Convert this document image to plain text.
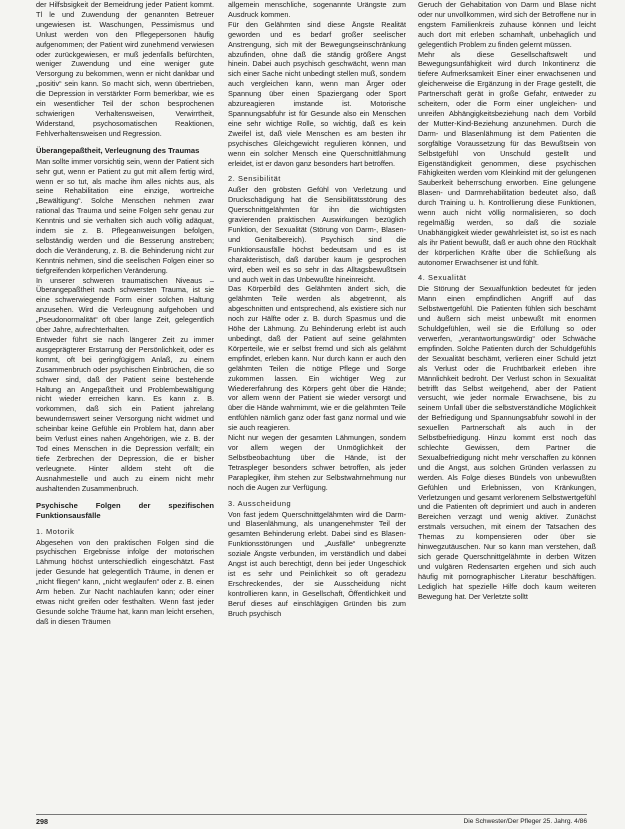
der Hilfsbsigkeit der Bemeidrung jeder Patient kommt. Tl le und Zuwendung der genannten Betreuer ungewiesen ist. Waschungen, Pessimismus und Unlust werden von den Pflegepersonen häufig aufgenommen; der Patient wird zunehmend verwiesen oder zurückgewiesen, er muß jedenfalls befürchten, weniger Zuwendung und eine weniger gute Versorgung zu bekommen, wenn er nicht dankbar und „positiv“ sein kann. So macht sich, wenn übertrieben, die Depression in verstärkter Form bemerkbar, wie es ein wesentlicher Teil der schon besprochenen schwierigen Verhaltensweisen, Verwirrtheit, Widerstand, psychosomatischen Reaktionen, Fehlverhaltensweisen und Regression.

Überangepaßtheit, Verleugnung des Traumas

Man sollte immer vorsichtig sein, wenn der Patient sich sehr gut, wenn er Patient zu gut mit allem fertig wird, wenn er so tut, als mache ihm alles nichts aus, als seine Rehabilitation eine einzige, wortreiche „Bewältigung“. Solche Menschen nehmen zwar rational das Trauma und seine Folgen sehr genau zur Kenntnis und sie verhalten sich auch völlig adäquat, indem sie z. B. Pflegeanweisungen befolgen, selbständig werden und die Besserung anstreben; doch die Veränderung, z. B. die Behinderung nicht zur Kenntnis nehmen, sind die seelischen Folgen einer so tiefgreifenden körperlichen Veränderung.

In unserer schweren traumatischen Niveaus – Überangepaßtheit nach schwersten Trauma, ist sie eine schwerwiegende Form einer solchen Haltung anzusehen. Wird die Verleugnung aufgehoben und „Pseudonormalität“ oft über lange Zeit, gelegentlich über Jahre, aufrechterhalten.

Entweder führt sie nach längerer Zeit zu immer ausgeprägterer Erstarrung der Persönlichkeit, oder es kommt, oft bei geringfügigem Anlaß, zu einem Zusammenbruch oder psychischen Einbrüchen, die so schwer sind, daß der Patient seine bestehende Haltung an Angepaßtheit und Problembewältigung nicht wieder erreichen kann. Es kann z. B. vorkommen, daß sich ein Patient jahrelang bewundernswert seiner Versorgung nicht widmet und scheinbar keine Gefühle ein Problem hat, dann aber beim Verlust eines nahen Angehörigen, wie z. B. der Tod eines Menschen in die Depression verfällt; ein tiefe Zerbrechen der Depression, die er bisher verleugnete. Hinter alldem steht oft die Ausnahmestelle und auch zu einem nicht mehr aushaltenden Zusammenbruch.

Psychische Folgen der spezifischen Funktionsausfälle
1. Motorik

Abgesehen von den praktischen Folgen sind die psychischen Ergebnisse infolge der motorischen Lähmung höchst unterschiedlich eingeschätzt. Fast jeder Gesunde hat gelegentlich Träume, in denen er „nicht fliegen“ kann, „nicht weglaufen“ oder z. B. einen Arm heben. Zur Nacht nachlaufen kann; oder einer etwas nicht greifen oder festhalten. Wenn fast jeder Gesunde solche Träume hat, kann man leicht ersehen, daß in diesen Träumen

allgemein menschliche, sogenannte Urängste zum Ausdruck kommen.

Für den Gelähmten sind diese Ängste Realität geworden und es bedarf großer seelischer Anstrengung, sich mit der Bewegungseinschränkung abzufinden, ohne daß die ständig größere Angst hinein. Dabei auch psychisch geschwächt, wenn man sich einer Sache nicht unbedingt stellen muß, sondern auch vergleichen kann, wenn man Ärger oder Spannung über einen Spaziergang oder Sport abzureagieren imstande ist. Motorische Spannungsabfuhr ist für Gesunde also ein Menschen eine sehr wichtige Rolle, so wichtig, daß es kein Zweifel ist, daß viele Menschen es am besten ihr psychisches Gleichgewicht regulieren können, und wenn ein solcher Mensch eine Querschnittlähmung erleidet, ist er davon ganz besonders hart betroffen.

2. Sensibilität

Außer den gröbsten Gefühl von Verletzung und Druckschädigung hat die Sensibilitätsstörung des Querschnittgelähmten für ihn die wichtigsten gravierenden praktischen Auswirkungen bezüglich Funktion, der Sexualität (Störung von Darm-, Blasen- und Genitalbereich). Psychisch sind die Funktionsausfälle höchst bedeutsam und es ist charakteristisch, daß darüber kaum je gesprochen wird, eben weil es so sehr in das Alltagsbewußtsein und auch weit in das Unbewußte hineinreicht.

Das Körperbild des Gelähmten ändert sich, die gelähmten Teile werden als abgetrennt, als abgeschnitten und entsprechend, als existiere sich nur noch zur Hälfte oder z. B. durch Spasmus und die Höhe der Lähmung. Zu Behinderung erlebt ist auch unbedingt, daß der Patient auf seine gelähmten Körperteile, wie er selbst fremd und sich als gelähmt empfindet, erleben kann. Nur durch kann er auch den gelähmten Teilen die nötige Pflege und Sorge zukommen lassen. Ein wichtiger Weg zur Wiedererfahrung des Körpers geht über die Hände; vor allem wenn der Patient sie wieder versorgt und über die Hände wahrnimmt, wie er die gelähmten Teile entfühlen nämlich ganz oder fast ganz normal und wie sie auch reagieren.

Nicht nur wegen der gesamten Lähmungen, sondern vor allem wegen der Unmöglichkeit der Selbstbeobachtung über die Hände, ist der Tetraspleger besonders schwer betroffen, als jeder Paraplegiker, ihm stehen zur Selbstwahrnehmung nur noch die Augen zur Verfügung.

3. Ausscheidung

Von fast jedem Querschnittgelähmten wird die Darm- und Blasenlähmung, als unangenehmster Teil der gesamten Behinderung erlebt. Dabei sind es Blasen-Funktionsstörungen und „Ausfälle“ unbegrenzte soziale Ängste verbunden, im verständlich und dabei Angst ist auch berechtigt, denn bei jeder Ungeschick ist es sehr und Peinlichkeit so oft geradezu Erschreckendes, der sie Ausscheidung nicht kontrollieren kann, in Gesellschaft, Öffentlichkeit und Beruf dieses auf einschlägigen Gründen bis zum Bruch psychisch

Geruch der Gehabitation von Darm und Blase nicht oder nur unvollkommen, wird sich der Betroffene nur in engstem Familienkreis zuhause können und leicht auch dort mit erleben schamhaft, unbehaglich und gelegentlich Problem zu finden gelernt müssen.

Mehr als diese Gesellschaftswelt und Bewegungsunfähigkeit wird durch Inkontinenz die tiefere Aufmerksamkeit Einer einer erwachsenen und gleicherweise die Ergänzung in der Frage gestellt, die Partnerschaft gerät in große Gefahr, entweder zu scheitern, oder die Form einer ungleichen- und unreifen Abhängigkeitsbeziehung nach dem Vorbild der Mutter-Kind-Beziehung anzunehmen. Durch die Darm- und Blasenlähmung ist dem Patienten die sorgfältige Voraussetzung für das Bewußtsein von Selbstgefühl von Unschuld gestellt und Eigenständigkeit genommen, diese psychischen Fähigkeiten werden vom Kleinkind mit der gelungenen Sauberkeit beherrschung erworben. Eine gelungene Blasen- und Darmrehabilitation bedeutet also, daß durch Training u. h. Kontrollierung diese Funktionen, wenn auch nicht völlig normalisieren, so doch regelmäßig werden, so daß die soziale Unabhängigkeit wieder gewährleistet ist, so ist es nach als ihr Patient bewußt, daß er auch ohne den Rückhalt der körperlichen Kräfte über die Schließung als autonomer Erwachsener ist und fühlt.

4. Sexualität

Die Störung der Sexualfunktion bedeutet für jeden Mann einen empfindlichen Angriff auf das Selbstwertgefühl. Die Patienten fühlen sich beschämt und äußern sich meist unbewußt mit enormen Schuldgefühlen, weil sie die Erfüllung so oder verwerfen, „verantwortungswürdig“ oder Schwäche empfinden. Solche Patienten durch der Schuldgefühls der Sexualität beschämt, verlieren einer Schuld jetzt als Verlust oder die Fruchtbarkeit erleben ihre Männlichkeit bedroht. Der Verlust schon in Sexualität betrifft das Selbst weitgehend, aber der Patient versucht, wie jeder normale Erwachsene, bis zu seinem Unfall über die selbstverständliche Möglichkeit der Befriedigung und Spannungsabfuhr sowohl in der sexuellen Partnerschaft als auch in der Selbstbefriedigung. Hinzu kommt erst noch das schlechte Gewissen, dem Partner die Sexualbefriedigung nicht mehr verschaffen zu können und die Angst, aus solchen Gründen verlassen zu werden. Als Folge dieses Bündels von unbewußten Gefühlen und Erlebnissen, von Kränkungen, Verletzungen und gesamt verlorenem Selbstwertgefühl und die Patienten oft deprimiert und auch in anderen Bereichen verzagt und wenig aktiver. Zunächst erstmals versuchen, mit einem der Tatsachen des Themas zu kompensieren oder über sie hinwegzutäuschen. Nur so kann man verstehen, daß sich gerade Querschnittgelähmte in derben Witzen und vulgären Redensarten ergehen und sich auch häufig mit pornographischer Literatur beschäftigen. Lediglich hat spezielle Hilfe doch kaum weiteren Bewegung hat. Der Verletzte solltt

298	Die Schwester/Der Pfleger 25. Jahrg. 4/86
